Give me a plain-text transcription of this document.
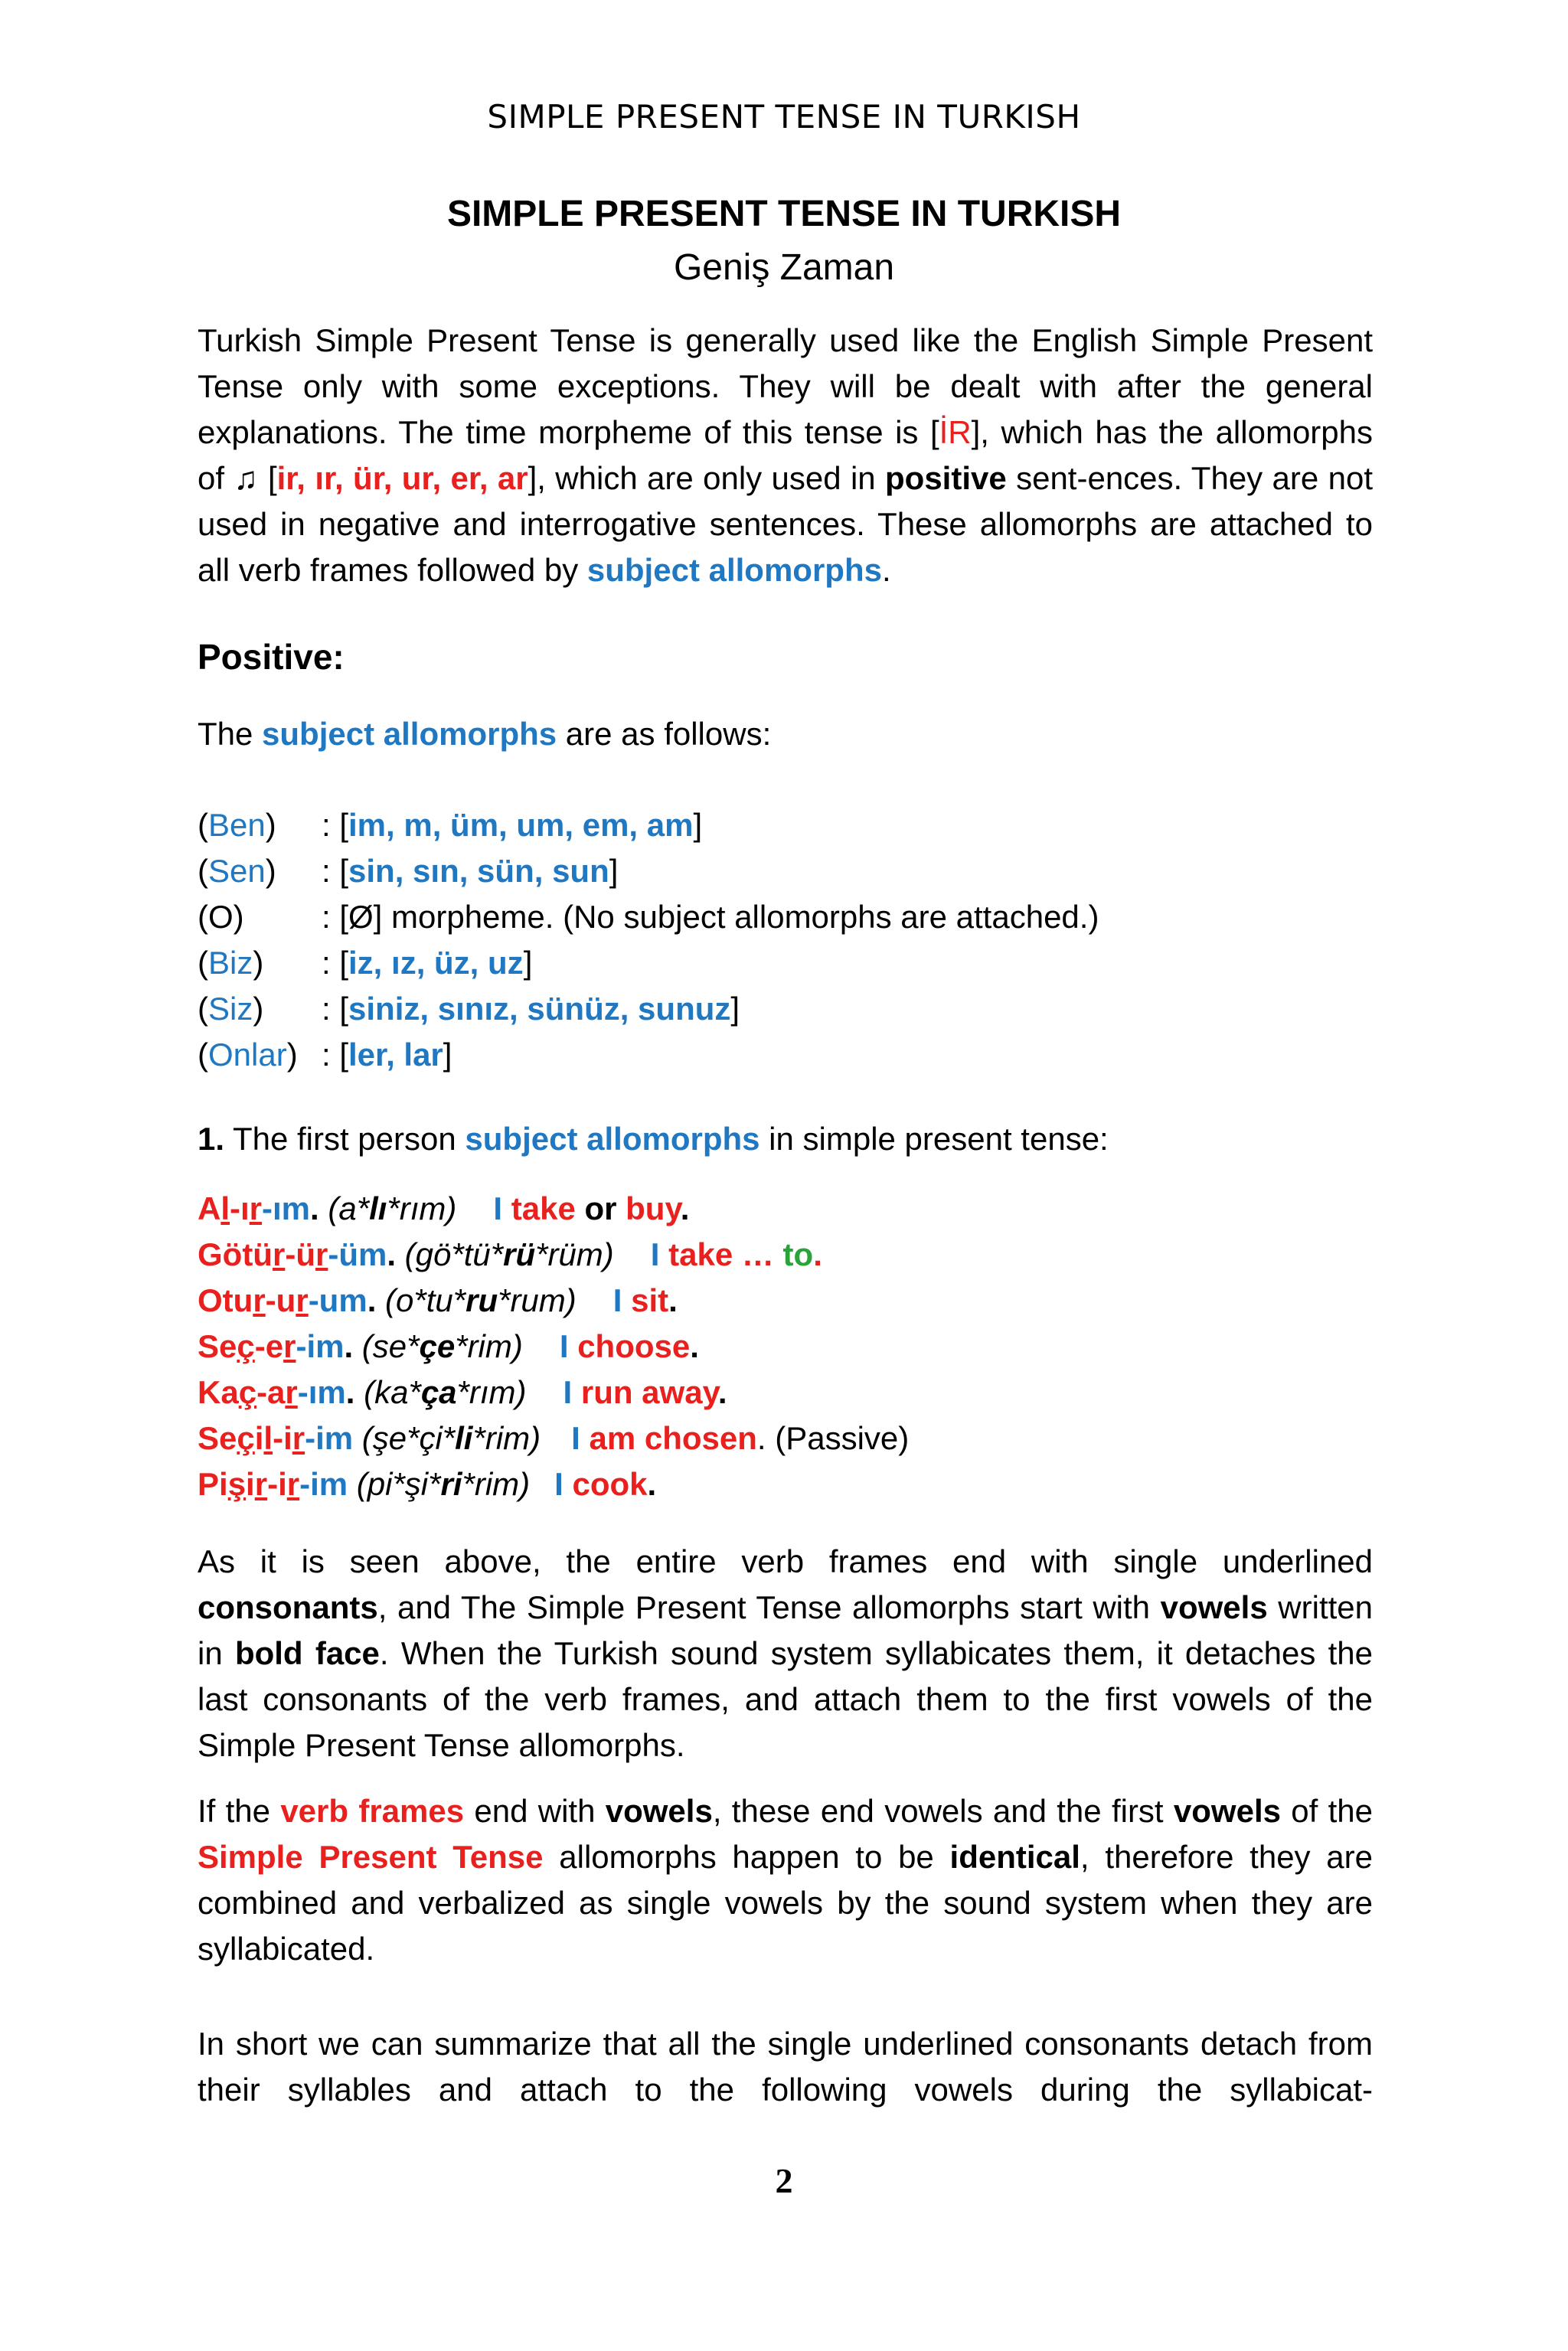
SIMPLE PRESENT TENSE IN TURKISH
SIMPLE PRESENT TENSE IN TURKISH
Geniş Zaman
Turkish Simple Present Tense is generally used like the English Simple Present Tense only with some exceptions. They will be dealt with after the general explanations. The time morpheme of this tense is [İR], which has the allomorphs of ♫ [ir, ır, ür, ur, er, ar], which are only used in positive sent-ences. They are not used in negative and interrogative sentences. These allomorphs are attached to all verb frames followed by subject allomorphs.
Positive:
The subject allomorphs are as follows:
(Ben)	: [im, m, üm, um, em, am]
(Sen)	: [sin, sın, sün, sun]
(O)	: [Ø] morpheme. (No subject allomorphs are attached.)
(Biz)	: [iz, ız, üz, uz]
(Siz)	: [siniz, sınız, sünüz, sunuz]
(Onlar) : [ler, lar]
1. The first person subject allomorphs in simple present tense:
Al-ır-ım. (a*lı*rım) I take or buy.
Götür-ür-üm. (gö*tü*rü*rüm) I take … to.
Otur-ur-um. (o*tu*ru*rum) I sit.
Seç-er-im. (se*çe*rim) I choose.
Kaç-ar-ım. (ka*ça*rım) I run away.
Seçil-ir-im (şe*çi*li*rim) I am chosen. (Passive)
Pişir-ir-im (pi*şi*ri*rim) I cook.
As it is seen above, the entire verb frames end with single underlined consonants, and The Simple Present Tense allomorphs start with vowels written in bold face. When the Turkish sound system syllabicates them, it detaches the last consonants of the verb frames, and attach them to the first vowels of the Simple Present Tense allomorphs.
If the verb frames end with vowels, these end vowels and the first vowels of the Simple Present Tense allomorphs happen to be identical, therefore they are combined and verbalized as single vowels by the sound system when they are syllabicated.
In short we can summarize that all the single underlined consonants detach from their syllables and attach to the following vowels during the syllabicat-
2
